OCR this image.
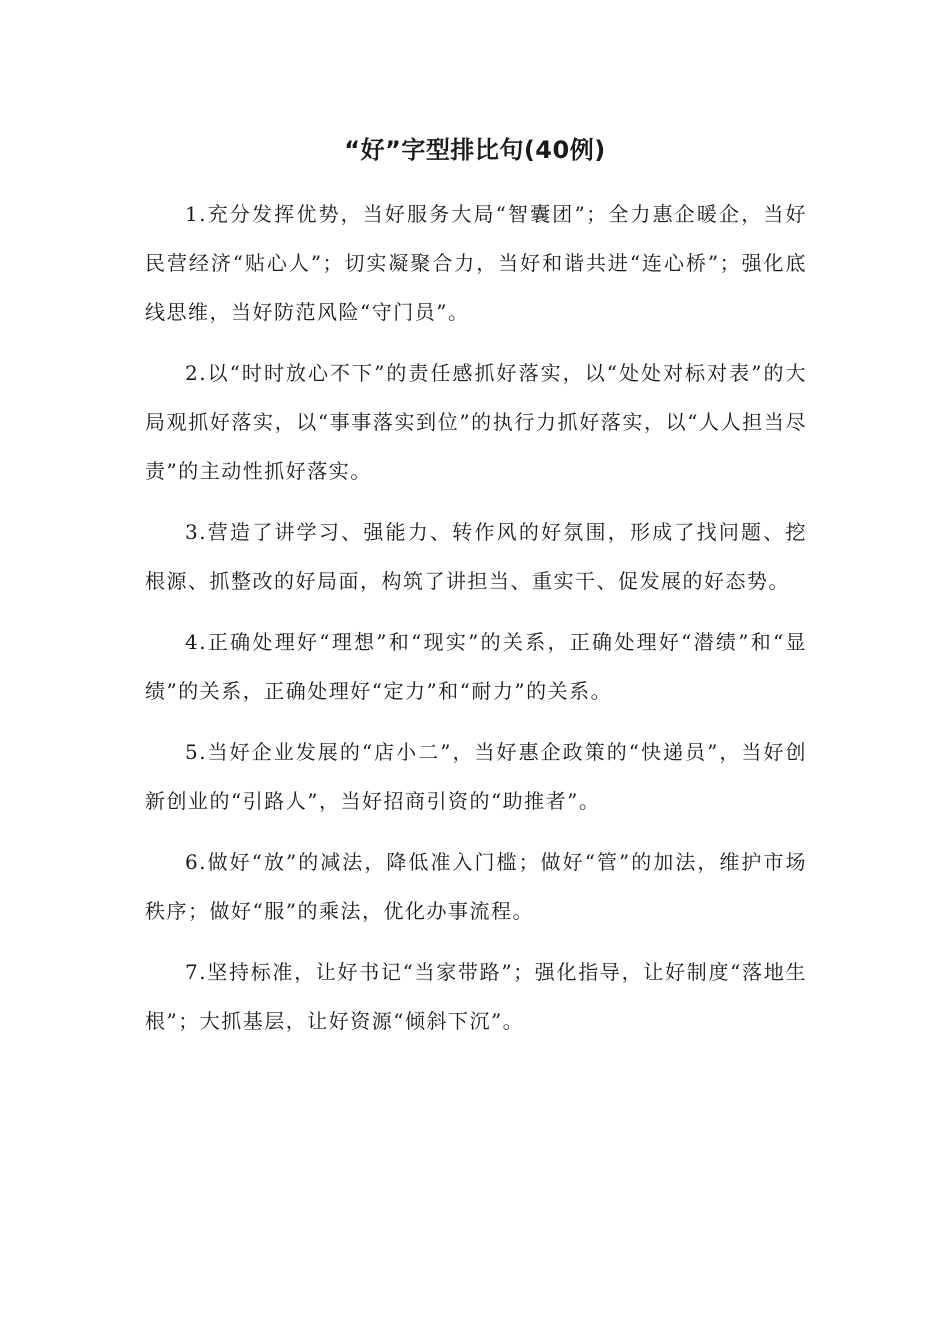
“好”字型排比句(40例)

1.充分发挥优势，当好服务大局“智囊团”；全力惠企暖企，当好民营经济“贴心人”；切实凝聚合力，当好和谐共进“连心桥”；强化底线思维，当好防范风险“守门员”。

2.以“时时放心不下”的责任感抓好落实，以“处处对标对表”的大局观抓好落实，以“事事落实到位”的执行力抓好落实，以“人人担当尽责”的主动性抓好落实。

3.营造了讲学习、强能力、转作风的好氛围，形成了找问题、挖根源、抓整改的好局面，构筑了讲担当、重实干、促发展的好态势。

4.正确处理好“理想”和“现实”的关系，正确处理好“潜绩”和“显绩”的关系，正确处理好“定力”和“耐力”的关系。

5.当好企业发展的“店小二”，当好惠企政策的“快递员”，当好创新创业的“引路人”，当好招商引资的“助推者”。

6.做好“放”的减法，降低准入门槛；做好“管”的加法，维护市场秩序；做好“服”的乘法，优化办事流程。

7.坚持标准，让好书记“当家带路”；强化指导，让好制度“落地生根”；大抓基层，让好资源“倾斜下沉”。
